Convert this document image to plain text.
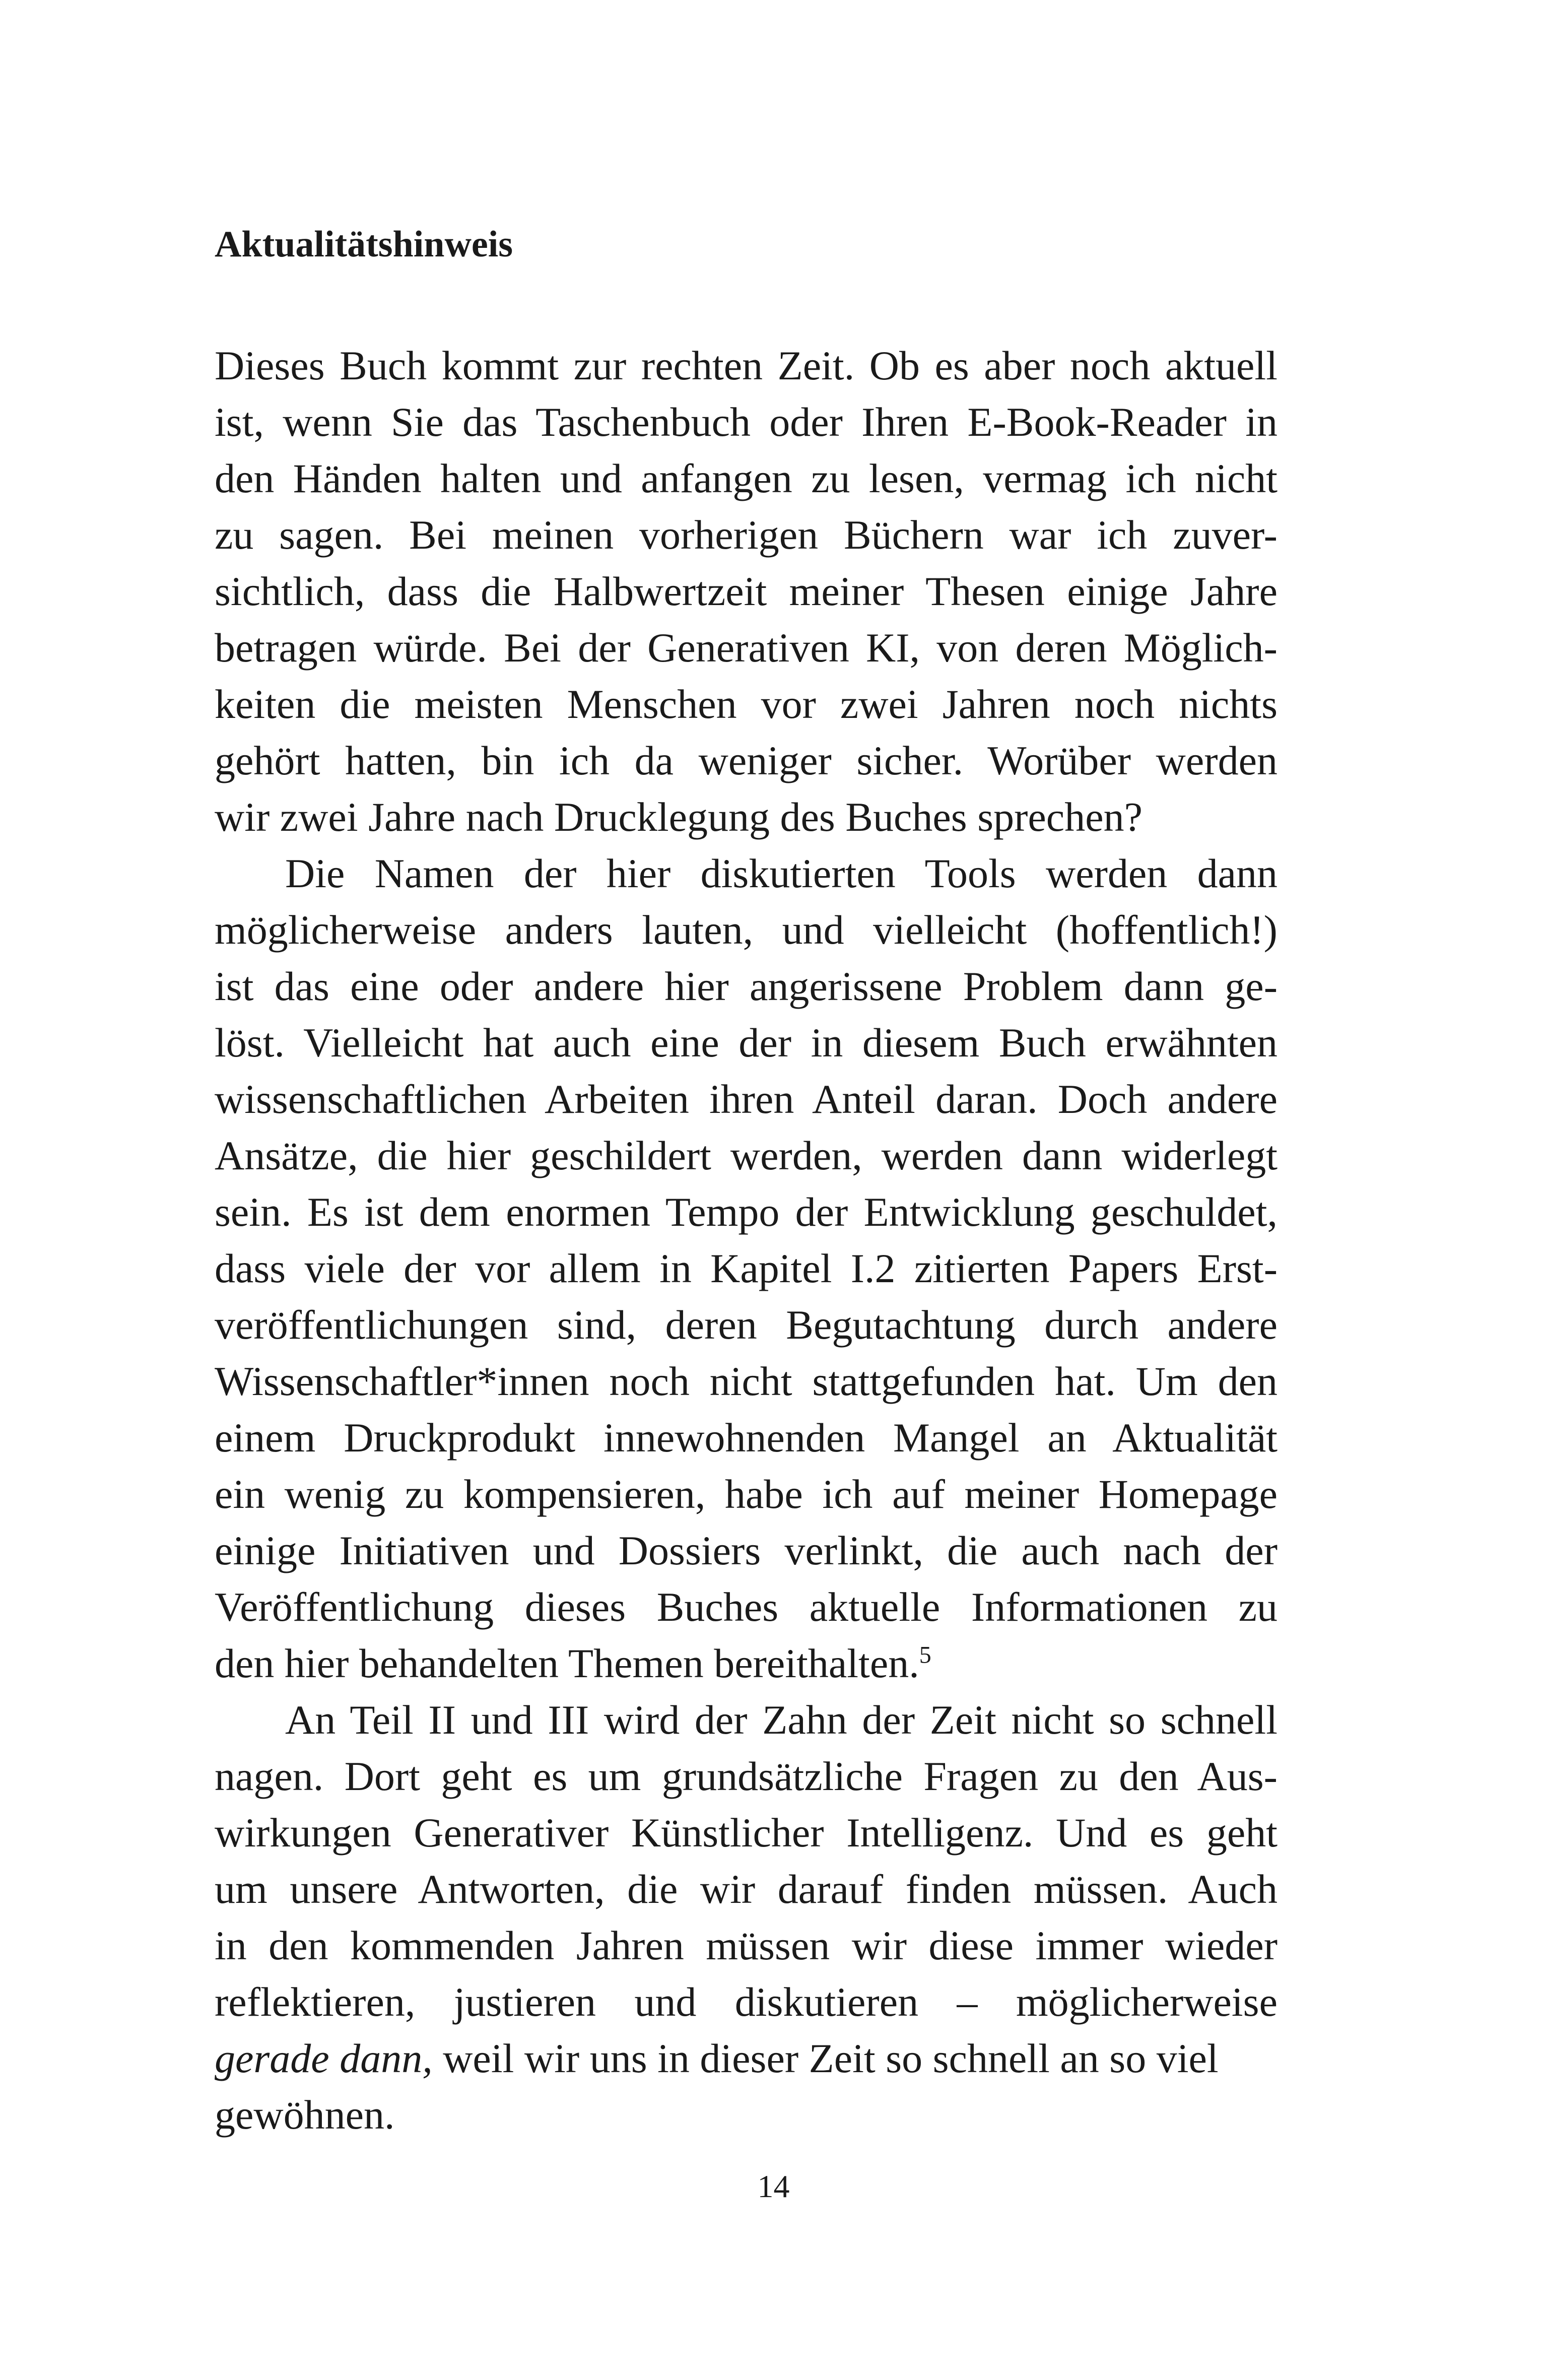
Aktualitätshinweis
Dieses Buch kommt zur rechten Zeit. Ob es aber noch aktuell
ist, wenn Sie das Taschenbuch oder Ihren E-Book-Reader in
den Händen halten und anfangen zu lesen, vermag ich nicht
zu sagen. Bei meinen vorherigen Büchern war ich zuver-
sichtlich, dass die Halbwertzeit meiner Thesen einige Jahre
betragen würde. Bei der Generativen KI, von deren Möglich-
keiten die meisten Menschen vor zwei Jahren noch nichts
gehört hatten, bin ich da weniger sicher. Worüber werden
wir zwei Jahre nach Drucklegung des Buches sprechen?
Die Namen der hier diskutierten Tools werden dann
möglicherweise anders lauten, und vielleicht (hoffentlich!)
ist das eine oder andere hier angerissene Problem dann ge-
löst. Vielleicht hat auch eine der in diesem Buch erwähnten
wissenschaftlichen Arbeiten ihren Anteil daran. Doch andere
Ansätze, die hier geschildert werden, werden dann widerlegt
sein. Es ist dem enormen Tempo der Entwicklung geschuldet,
dass viele der vor allem in Kapitel I.2 zitierten Papers Erst-
veröffentlichungen sind, deren Begutachtung durch andere
Wissenschaftler*innen noch nicht stattgefunden hat. Um den
einem Druckprodukt innewohnenden Mangel an Aktualität
ein wenig zu kompensieren, habe ich auf meiner Homepage
einige Initiativen und Dossiers verlinkt, die auch nach der
Veröffentlichung dieses Buches aktuelle Informationen zu
den hier behandelten Themen bereithalten.$^5$
An Teil II und III wird der Zahn der Zeit nicht so schnell
nagen. Dort geht es um grundsätzliche Fragen zu den Aus-
wirkungen Generativer Künstlicher Intelligenz. Und es geht
um unsere Antworten, die wir darauf finden müssen. Auch
in den kommenden Jahren müssen wir diese immer wieder
reflektieren, justieren und diskutieren – möglicherweise
gerade dann, weil wir uns in dieser Zeit so schnell an so viel
gewöhnen.
14
